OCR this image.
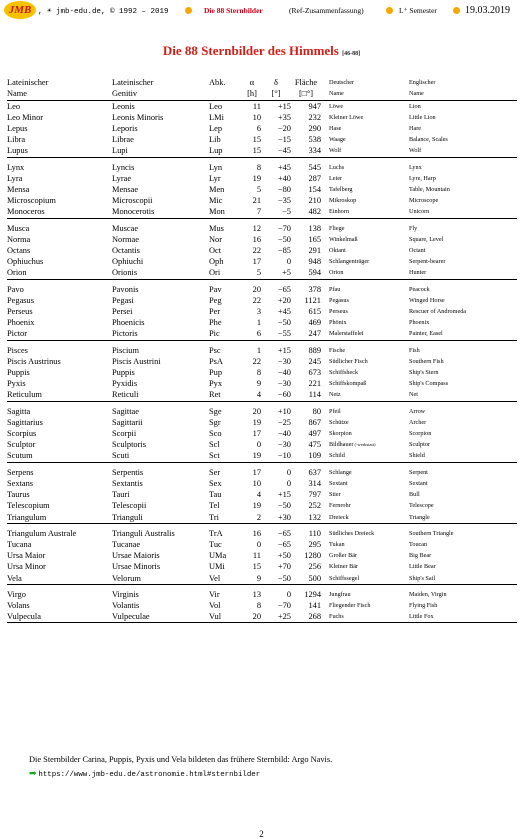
JMB , ☀ jmb-edu.de, © 1992 – 2019	Die 88 Sternbilder	(Ref-Zusammenfassung)	L⁺ Semester	19.03.2019
Die 88 Sternbilder des Himmels [46-88]
Lateinischer	Lateinischer	Abk.	α	δ	Fläche	Deutscher	Englischer
Name	Genitiv		[h]	[°]	[□°]	Name	Name
Leo	Leonis	Leo	11	+15	947	Löwe	Lion
Leo Minor	Leonis Minoris	LMi	10	+35	232	Kleiner Löwe	Little Lion
Lepus	Leporis	Lep	6	−20	290	Hase	Hare
Libra	Librae	Lib	15	−15	538	Waage	Balance, Scales
Lupus	Lupi	Lup	15	−45	334	Wolf	Wolf
Lynx	Lyncis	Lyn	8	+45	545	Luchs	Lynx
Lyra	Lyrae	Lyr	19	+40	287	Leier	Lyre, Harp
Mensa	Mensae	Men	5	−80	154	Tafelberg	Table, Mountain
Microscopium	Microscopii	Mic	21	−35	210	Mikroskop	Microscope
Monoceros	Monocerotis	Mon	7	−5	482	Einhorn	Unicorn
Musca	Muscae	Mus	12	−70	138	Fliege	Fly
Norma	Normae	Nor	16	−50	165	Winkelmaß	Square, Level
Octans	Octantis	Oct	22	−85	291	Oktant	Octant
Ophiuchus	Ophiuchi	Oph	17	0	948	Schlangenträger	Serpent-bearer
Orion	Orionis	Ori	5	+5	594	Orion	Hunter
Pavo	Pavonis	Pav	20	−65	378	Pfau	Peacock
Pegasus	Pegasi	Peg	22	+20	1121	Pegasus	Winged Horse
Perseus	Persei	Per	3	+45	615	Perseus	Rescuer of Andromeda
Phoenix	Phoenicis	Phe	1	−50	469	Phönix	Phoenix
Pictor	Pictoris	Pic	6	−55	247	Malerstaffelei	Painter, Easel
Pisces	Piscium	Psc	1	+15	889	Fische	Fish
Piscis Austrinus	Piscis Austrini	PsA	22	−30	245	Südlicher Fisch	Southern Fish
Puppis	Puppis	Pup	8	−40	673	Schiffsheck	Ship's Stern
Pyxis	Pyxidis	Pyx	9	−30	221	Schiffskompaß	Ship's Compass
Reticulum	Reticuli	Ret	4	−60	114	Netz	Net
Sagitta	Sagittae	Sge	20	+10	80	Pfeil	Arrow
Sagittarius	Sagittarii	Sgr	19	−25	867	Schütze	Archer
Scorpius	Scorpii	Sco	17	−40	497	Skorpion	Scorpion
Sculptor	Sculptoris	Scl	0	−30	475	Bildhauer (-werkstatt)	Sculptor
Scutum	Scuti	Sct	19	−10	109	Schild	Shield
Serpens	Serpentis	Ser	17	0	637	Schlange	Serpent
Sextans	Sextantis	Sex	10	0	314	Sextant	Sextant
Taurus	Tauri	Tau	4	+15	797	Stier	Bull
Telescopium	Telescopii	Tel	19	−50	252	Fernrohr	Telescope
Triangulum	Trianguli	Tri	2	+30	132	Dreieck	Triangle
Triangulum Australe	Trianguli Australis	TrA	16	−65	110	Südliches Dreieck	Southern Triangle
Tucana	Tucanae	Tuc	0	−65	295	Tukan	Toucan
Ursa Maior	Ursae Maioris	UMa	11	+50	1280	Großer Bär	Big Bear
Ursa Minor	Ursae Minoris	UMi	15	+70	256	Kleiner Bär	Little Bear
Vela	Velorum	Vel	9	−50	500	Schiffssegel	Ship's Sail
Virgo	Virginis	Vir	13	0	1294	Jungfrau	Maiden, Virgin
Volans	Volantis	Vol	8	−70	141	Fliegender Fisch	Flying Fish
Vulpecula	Vulpeculae	Vul	20	+25	268	Fuchs	Little Fox
Die Sternbilder Carina, Puppis, Pyxis und Vela bildeten das frühere Sternbild: Argo Navis.
➡ https://www.jmb-edu.de/astronomie.html#sternbilder
2
